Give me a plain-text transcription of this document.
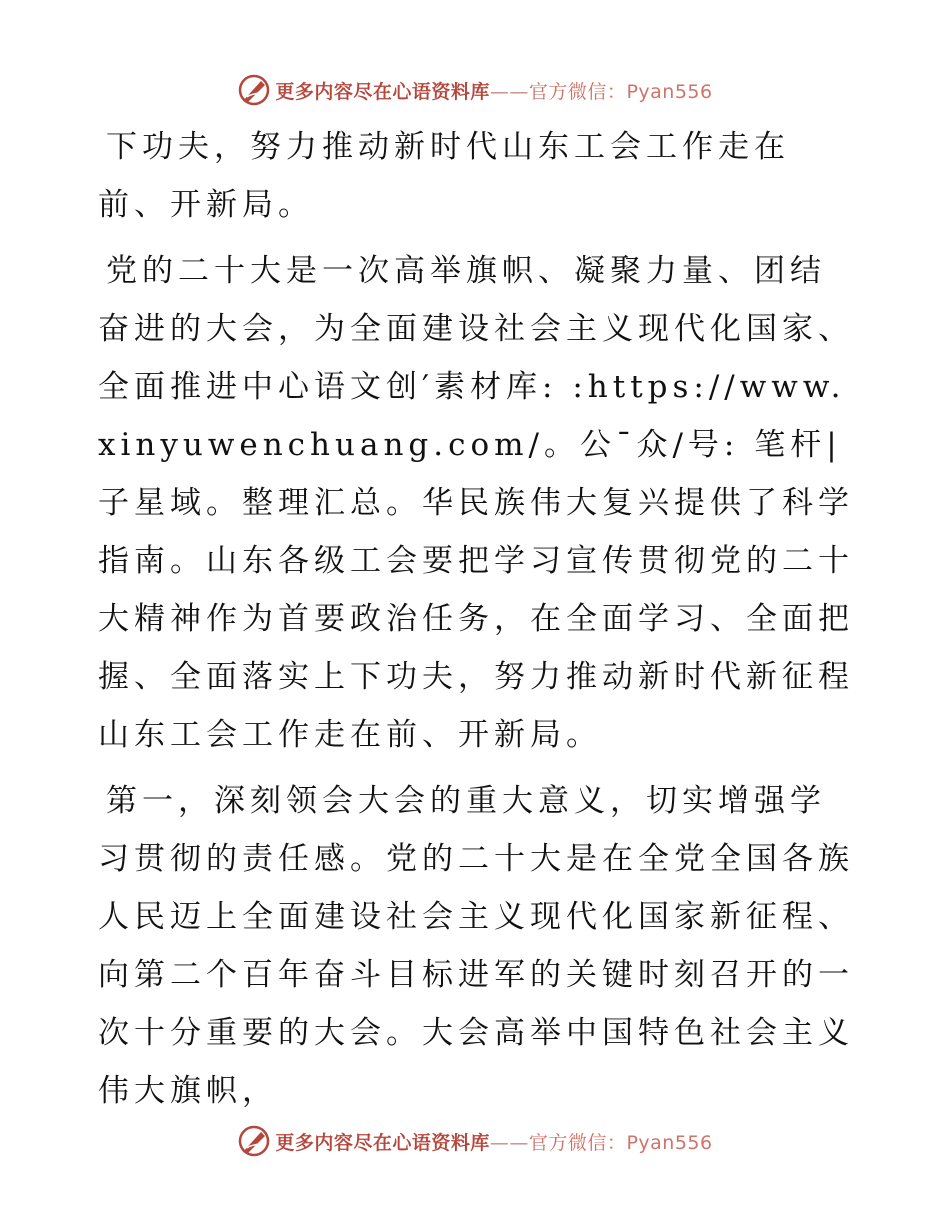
更多内容尽在心语资料库——官方微信：Pyan556

下功夫，努力推动新时代山东工会工作走在前、开新局。

党的二十大是一次高举旗帜、凝聚力量、团结奋进的大会，为全面建设社会主义现代化国家、全面推进中心语文创′素材库: :https://www.xinyuwenchuang.com/。公¯众/号: 笔杆|子星域。整理汇总。华民族伟大复兴提供了科学指南。山东各级工会要把学习宣传贯彻党的二十大精神作为首要政治任务，在全面学习、全面把握、全面落实上下功夫，努力推动新时代新征程山东工会工作走在前、开新局。

第一，深刻领会大会的重大意义，切实增强学习贯彻的责任感。党的二十大是在全党全国各族人民迈上全面建设社会主义现代化国家新征程、向第二个百年奋斗目标进军的关键时刻召开的一次十分重要的大会。大会高举中国特色社会主义伟大旗帜，

更多内容尽在心语资料库——官方微信：Pyan556
